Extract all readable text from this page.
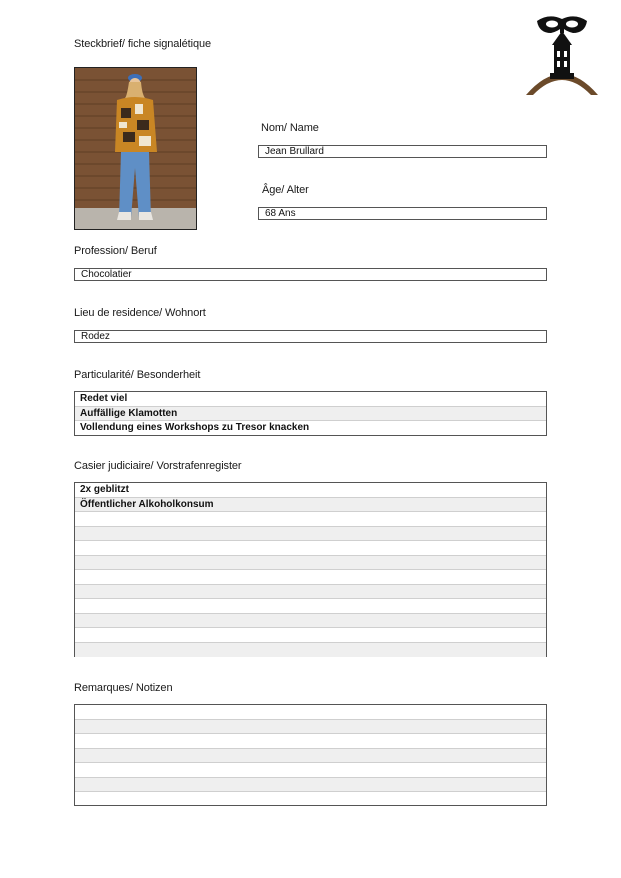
Steckbrief/ fiche signalétique
Nom/ Name
Jean Brullard
Âge/ Alter
68 Ans
Profession/ Beruf
Chocolatier
Lieu de residence/ Wohnort
Rodez
Particularité/ Besonderheit
Redet viel
Auffällige Klamotten
Vollendung eines Workshops zu Tresor knacken
Casier judiciaire/ Vorstrafenregister
2x geblitzt
Öffentlicher Alkoholkonsum
Remarques/ Notizen
